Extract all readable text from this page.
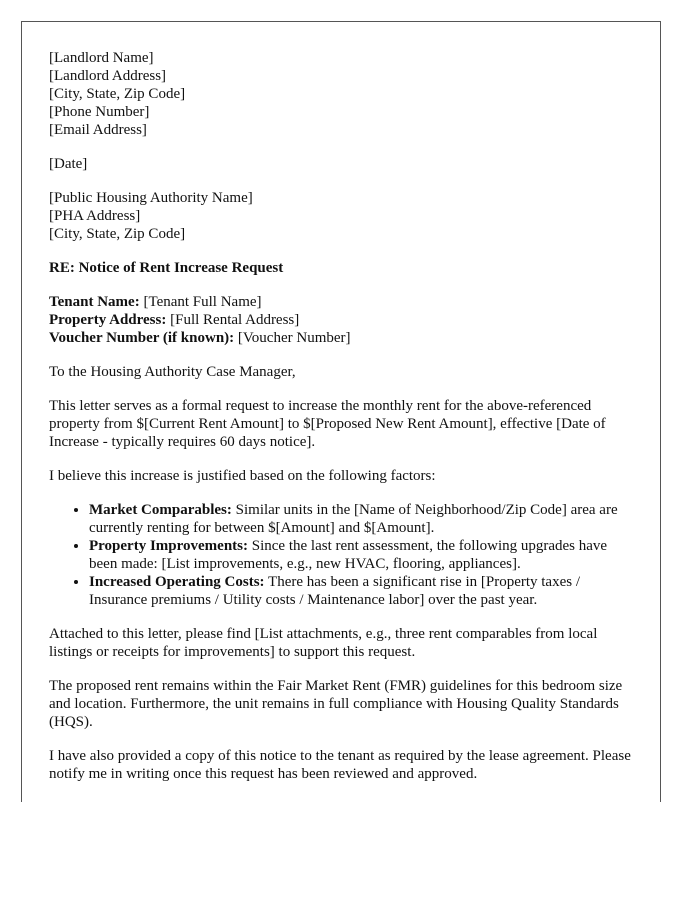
[Landlord Name]
[Landlord Address]
[City, State, Zip Code]
[Phone Number]
[Email Address]
[Date]
[Public Housing Authority Name]
[PHA Address]
[City, State, Zip Code]
RE: Notice of Rent Increase Request
Tenant Name: [Tenant Full Name]
Property Address: [Full Rental Address]
Voucher Number (if known): [Voucher Number]

To the Housing Authority Case Manager,

This letter serves as a formal request to increase the monthly rent for the above-referenced property from $[Current Rent Amount] to $[Proposed New Rent Amount], effective [Date of Increase - typically requires 60 days notice].

I believe this increase is justified based on the following factors:

• Market Comparables: Similar units in the [Name of Neighborhood/Zip Code] area are currently renting for between $[Amount] and $[Amount].
• Property Improvements: Since the last rent assessment, the following upgrades have been made: [List improvements, e.g., new HVAC, flooring, appliances].
• Increased Operating Costs: There has been a significant rise in [Property taxes / Insurance premiums / Utility costs / Maintenance labor] over the past year.

Attached to this letter, please find [List attachments, e.g., three rent comparables from local listings or receipts for improvements] to support this request.

The proposed rent remains within the Fair Market Rent (FMR) guidelines for this bedroom size and location. Furthermore, the unit remains in full compliance with Housing Quality Standards (HQS).

I have also provided a copy of this notice to the tenant as required by the lease agreement. Please notify me in writing once this request has been reviewed and approved.
